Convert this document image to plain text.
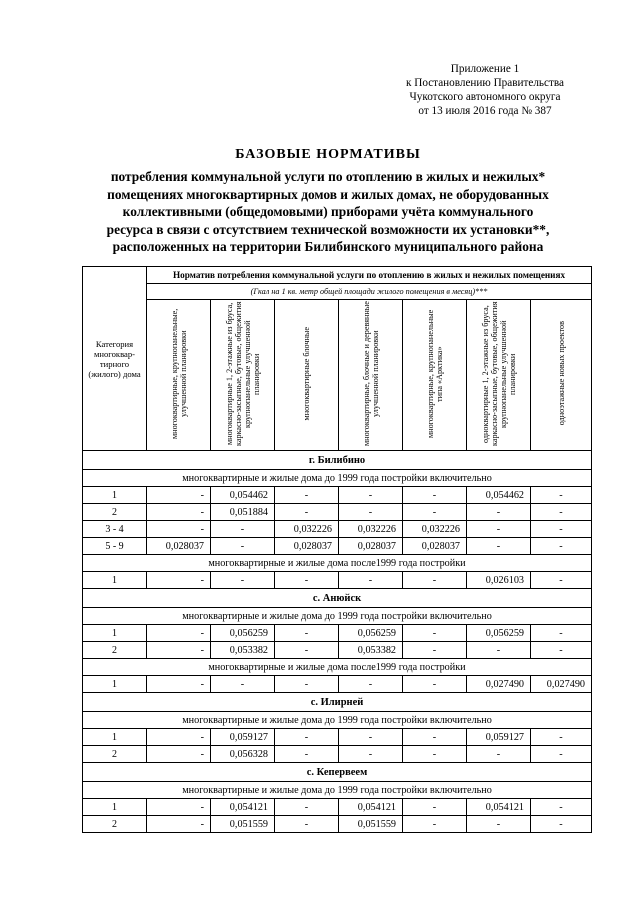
Приложение 1
к Постановлению Правительства
Чукотского автономного округа
от 13 июля 2016 года № 387
БАЗОВЫЕ НОРМАТИВЫ
потребления коммунальной услуги по отоплению в жилых и нежилых*
помещениях многоквартирных домов и жилых домах, не оборудованных
коллективными (общедомовыми) приборами учёта коммунального
ресурса в связи с отсутствием технической возможности их установки**,
расположенных на территории Билибинского муниципального района
Категория многоквар-тирного (жилого) дома	Норматив потребления коммунальной услуги по отоплению в жилых и нежилых помещениях						
	(Гкал на 1 кв. метр общей площади жилого помещения в месяц)***						
	многоквартирные, крупнопанельные, улучшенной планировки	многоквартирные 1, 2-этажные из бруса, каркасно-засыпные, бутовые, общежития крупнопанельные улучшенной планировки	многоквартирные блочные	многоквартирные, блочные и деревянные улучшенной планировки	многоквартирные, крупнопанельные типа «Арктика»	одноквартирные 1, 2-этажные из бруса, каркасно-засыпные, бутовые, общежития крупнопанельные улучшенной планировки	одноэтажные новых проектов
г. Билибино							
многоквартирные и жилые дома до 1999 года постройки включительно							
1	-	0,054462	-	-	-	0,054462	-
2	-	0,051884	-	-	-	-	-
3 - 4	-	-	0,032226	0,032226	0,032226	-	-
5 - 9	0,028037	-	0,028037	0,028037	0,028037	-	-
многоквартирные и жилые дома после1999 года постройки							
1	-	-	-	-	-	0,026103	-
с. Анюйск							
многоквартирные и жилые дома до 1999 года постройки включительно							
1	-	0,056259	-	0,056259	-	0,056259	-
2	-	0,053382	-	0,053382	-	-	-
многоквартирные и жилые дома после1999 года постройки							
1	-	-	-	-	-	0,027490	0,027490
с. Илирней							
многоквартирные и жилые дома до 1999 года постройки включительно							
1	-	0,059127	-	-	-	0,059127	-
2	-	0,056328	-	-	-	-	-
с. Кепервеем							
многоквартирные и жилые дома до 1999 года постройки включительно							
1	-	0,054121	-	0,054121	-	0,054121	-
2	-	0,051559	-	0,051559	-	-	-
